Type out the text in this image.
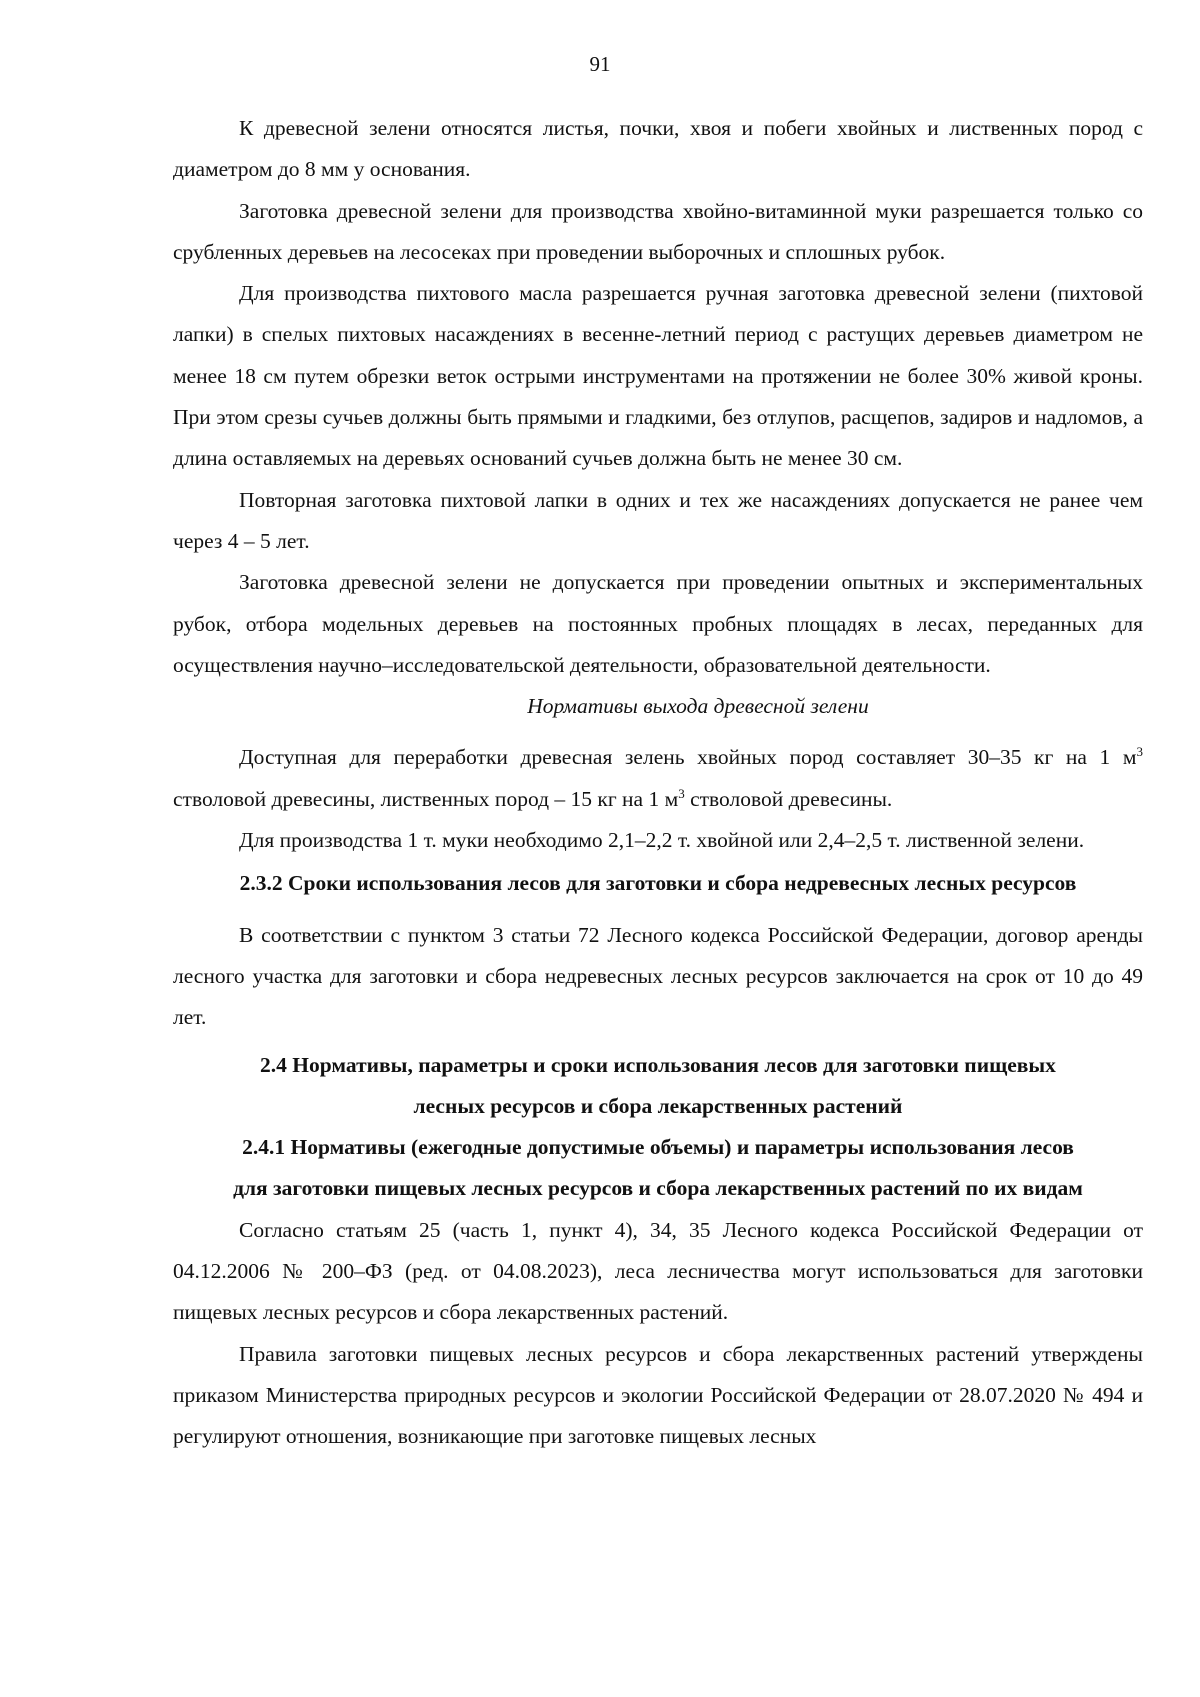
91

К древесной зелени относятся листья, почки, хвоя и побеги хвойных и лиственных пород с диаметром до 8 мм у основания.

Заготовка древесной зелени для производства хвойно-витаминной муки разрешается только со срубленных деревьев на лесосеках при проведении выборочных и сплошных рубок.

Для производства пихтового масла разрешается ручная заготовка древесной зелени (пихтовой лапки) в спелых пихтовых насаждениях в весенне-летний период с растущих деревьев диаметром не менее 18 см путем обрезки веток острыми инструментами на протяжении не более 30% живой кроны. При этом срезы сучьев должны быть прямыми и гладкими, без отлупов, расщепов, задиров и надломов, а длина оставляемых на деревьях оснований сучьев должна быть не менее 30 см.

Повторная заготовка пихтовой лапки в одних и тех же насаждениях допускается не ранее чем через 4 – 5 лет.

Заготовка древесной зелени не допускается при проведении опытных и экспериментальных рубок, отбора модельных деревьев на постоянных пробных площадях в лесах, переданных для осуществления научно–исследовательской деятельности, образовательной деятельности.

Нормативы выхода древесной зелени

Доступная для переработки древесная зелень хвойных пород составляет 30–35 кг на 1 $м^3$ стволовой древесины, лиственных пород – 15 кг на 1 $м^3$ стволовой древесины.

Для производства 1 т. муки необходимо 2,1–2,2 т. хвойной или 2,4–2,5 т. лиственной зелени.

2.3.2 Сроки использования лесов для заготовки и сбора недревесных лесных ресурсов

В соответствии с пунктом 3 статьи 72 Лесного кодекса Российской Федерации, договор аренды лесного участка для заготовки и сбора недревесных лесных ресурсов заключается на срок от 10 до 49 лет.

2.4 Нормативы, параметры и сроки использования лесов для заготовки пищевых
лесных ресурсов и сбора лекарственных растений
2.4.1 Нормативы (ежегодные допустимые объемы) и параметры использования лесов
для заготовки пищевых лесных ресурсов и сбора лекарственных растений по их видам

Согласно статьям 25 (часть 1, пункт 4), 34, 35 Лесного кодекса Российской Федерации от 04.12.2006 № 200–ФЗ (ред. от 04.08.2023), леса лесничества могут использоваться для заготовки пищевых лесных ресурсов и сбора лекарственных растений.

Правила заготовки пищевых лесных ресурсов и сбора лекарственных растений утверждены приказом Министерства природных ресурсов и экологии Российской Федерации от 28.07.2020 № 494 и регулируют отношения, возникающие при заготовке пищевых лесных
